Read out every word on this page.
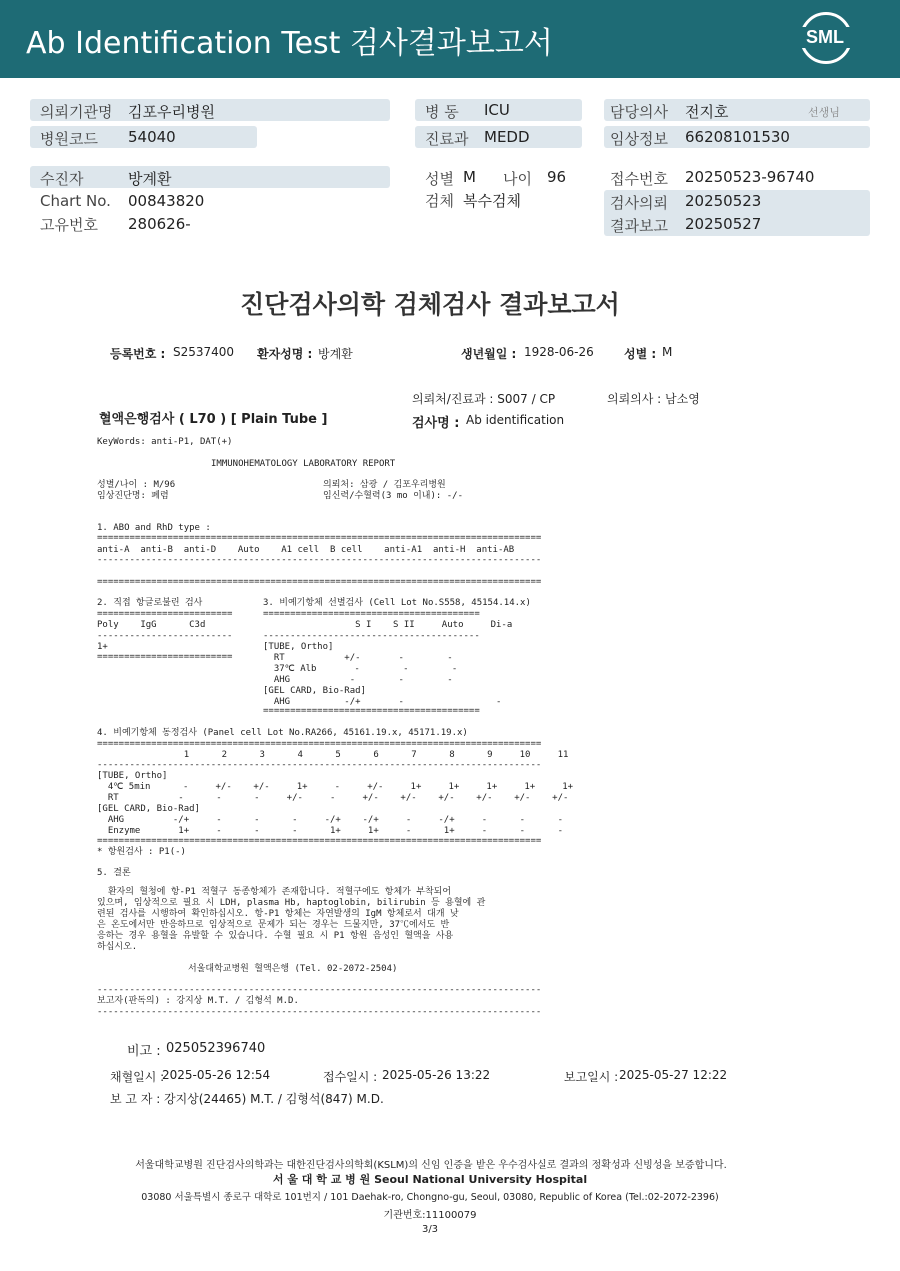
Ab Identification Test 검사결과보고서	SML
의뢰기관명 김포우리병원
병원코드 54040
수진자	방계환
Chart No. 00843820
고유번호 280626-
병 동 ICU
진료과 MEDD
성별 M 나이 96
검체 복수검체
담당의사 전지호	선생님
임상정보 66208101530
접수번호 20250523-96740
검사의뢰 20250523
결과보고 20250527
진단검사의학 검체검사 결과보고서
등록번호 : S2537400 환자성명 : 방계환	생년월일 : 1928-06-26	성별 : M
의뢰처/진료과 : S007 / CP	의뢰의사 : 남소영
혈액은행검사 ( L70 ) [ Plain Tube ]	검사명 : Ab identification
KeyWords: anti-P1, DAT(+)
IMMUNOHEMATOLOGY LABORATORY REPORT
성별/나이 : M/96
임상진단명: 폐렴
의뢰처: 삼광 / 김포우리병원
임신력/수혈력(3 mo 이내): -/-
1. ABO and RhD type :
==================================================================================
anti-A  anti-B  anti-D    Auto    A1 cell  B cell    anti-A1  anti-H  anti-AB
----------------------------------------------------------------------------------
==================================================================================
2. 직접 항글로불린 검사
=========================
Poly    IgG      C3d
-------------------------
1+
=========================
3. 비예기항체 선별검사 (Cell Lot No.S558, 45154.14.x)
========================================
S I    S II     Auto     Di-a
----------------------------------------
[TUBE, Ortho]
RT           +/-       -        -
37℃ Alb       -        -        -
AHG           -        -        -
[GEL CARD, Bio-Rad]
AHG          -/+       -                 -
========================================
4. 비예기항체 동정검사 (Panel cell Lot No.RA266, 45161.19.x, 45171.19.x)
==================================================================================
1      2      3      4      5      6      7      8      9     10     11
----------------------------------------------------------------------------------
[TUBE, Ortho]
4℃ 5min      -     +/-    +/-     1+     -     +/-     1+     1+     1+     1+     1+
RT           -      -      -     +/-     -     +/-    +/-    +/-    +/-    +/-    +/-
[GEL CARD, Bio-Rad]
AHG         -/+     -      -      -     -/+    -/+     -     -/+     -      -      -
Enzyme       1+     -      -      -      1+     1+     -      1+     -      -      -
==================================================================================
* 항원검사 : P1(-)
5. 결론
환자의 혈청에 항-P1 적혈구 동종항체가 존재합니다. 적혈구에도 항체가 부착되어
있으며, 임상적으로 필요 시 LDH, plasma Hb, haptoglobin, bilirubin 등 용혈에 관
련된 검사를 시행하여 확인하십시오. 항-P1 항체는 자연발생의 IgM 항체로서 대개 낮
은 온도에서만 반응하므로 임상적으로 문제가 되는 경우는 드물지만, 37℃에서도 반
응하는 경우 용혈을 유발할 수 있습니다. 수혈 필요 시 P1 항원 음성인 혈액을 사용
하십시오.
서울대학교병원 혈액은행 (Tel. 02-2072-2504)
----------------------------------------------------------------------------------
보고자(판독의) : 강지상 M.T. / 김형석 M.D.
----------------------------------------------------------------------------------
비고 : 025052396740
채혈일시 :
2025-05-26 12:54	접수일시 : 2025-05-26 13:22	보고일시 : 2025-05-27 12:22
보 고 자 : 강지상(24465) M.T. / 김형석(847) M.D.
서울대학교병원 진단검사의학과는 대한진단검사의학회(KSLM)의 신임 인증을 받은 우수검사실로 결과의 정확성과 신빙성을 보증합니다.
서 울 대 학 교 병 원 Seoul National University Hospital
03080 서울특별시 종로구 대학로 101번지 / 101 Daehak-ro, Chongno-gu, Seoul, 03080, Republic of Korea (Tel.:02-2072-2396)
기관번호:11100079
3/3
